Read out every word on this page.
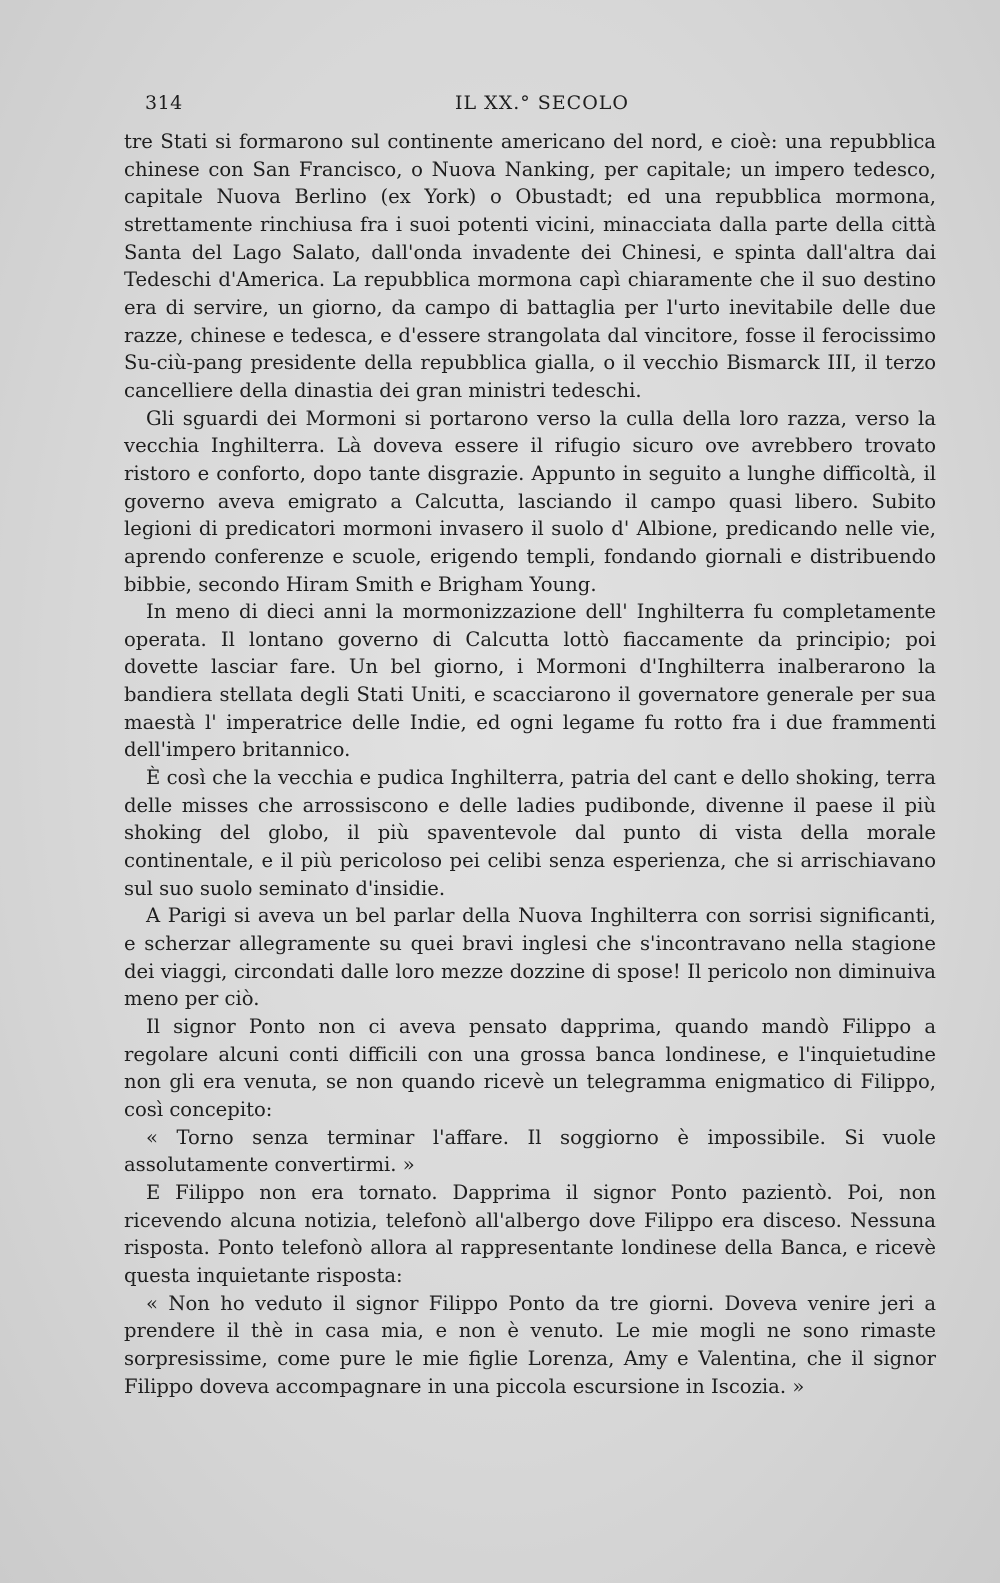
314	IL XX.° SECOLO

tre Stati si formarono sul continente americano del nord, e cioè: una repubblica chinese con San Francisco, o Nuova Nanking, per capitale; un impero tedesco, capitale Nuova Berlino (ex York) o Obustadt; ed una repubblica mormona, strettamente rinchiusa fra i suoi potenti vicini, minacciata dalla parte della città Santa del Lago Salato, dall'onda invadente dei Chinesi, e spinta dall'altra dai Tedeschi d'America. La repubblica mormona capì chiaramente che il suo destino era di servire, un giorno, da campo di battaglia per l'urto inevitabile delle due razze, chinese e tedesca, e d'essere strangolata dal vincitore, fosse il ferocissimo Su-ciù-pang presidente della repubblica gialla, o il vecchio Bismarck III, il terzo cancelliere della dinastia dei gran ministri tedeschi.

Gli sguardi dei Mormoni si portarono verso la culla della loro razza, verso la vecchia Inghilterra. Là doveva essere il rifugio sicuro ove avrebbero trovato ristoro e conforto, dopo tante disgrazie. Appunto in seguito a lunghe difficoltà, il governo aveva emigrato a Calcutta, lasciando il campo quasi libero. Subito legioni di predicatori mormoni invasero il suolo d' Albione, predicando nelle vie, aprendo conferenze e scuole, erigendo templi, fondando giornali e distribuendo bibbie, secondo Hiram Smith e Brigham Young.

In meno di dieci anni la mormonizzazione dell' Inghilterra fu completamente operata. Il lontano governo di Calcutta lottò fiaccamente da principio; poi dovette lasciar fare. Un bel giorno, i Mormoni d'Inghilterra inalberarono la bandiera stellata degli Stati Uniti, e scacciarono il governatore generale per sua maestà l' imperatrice delle Indie, ed ogni legame fu rotto fra i due frammenti dell'impero britannico.

È così che la vecchia e pudica Inghilterra, patria del cant e dello shoking, terra delle misses che arrossiscono e delle ladies pudibonde, divenne il paese il più shoking del globo, il più spaventevole dal punto di vista della morale continentale, e il più pericoloso pei celibi senza esperienza, che si arrischiavano sul suo suolo seminato d'insidie.

A Parigi si aveva un bel parlar della Nuova Inghilterra con sorrisi significanti, e scherzar allegramente su quei bravi inglesi che s'incontravano nella stagione dei viaggi, circondati dalle loro mezze dozzine di spose! Il pericolo non diminuiva meno per ciò.

Il signor Ponto non ci aveva pensato dapprima, quando mandò Filippo a regolare alcuni conti difficili con una grossa banca londinese, e l'inquietudine non gli era venuta, se non quando ricevè un telegramma enigmatico di Filippo, così concepito:

« Torno senza terminar l'affare. Il soggiorno è impossibile. Si vuole assolutamente convertirmi. »

E Filippo non era tornato. Dapprima il signor Ponto pazientò. Poi, non ricevendo alcuna notizia, telefonò all'albergo dove Filippo era disceso. Nessuna risposta. Ponto telefonò allora al rappresentante londinese della Banca, e ricevè questa inquietante risposta:

« Non ho veduto il signor Filippo Ponto da tre giorni. Doveva venire jeri a prendere il thè in casa mia, e non è venuto. Le mie mogli ne sono rimaste sorpresissime, come pure le mie figlie Lorenza, Amy e Valentina, che il signor Filippo doveva accompagnare in una piccola escursione in Iscozia. »
